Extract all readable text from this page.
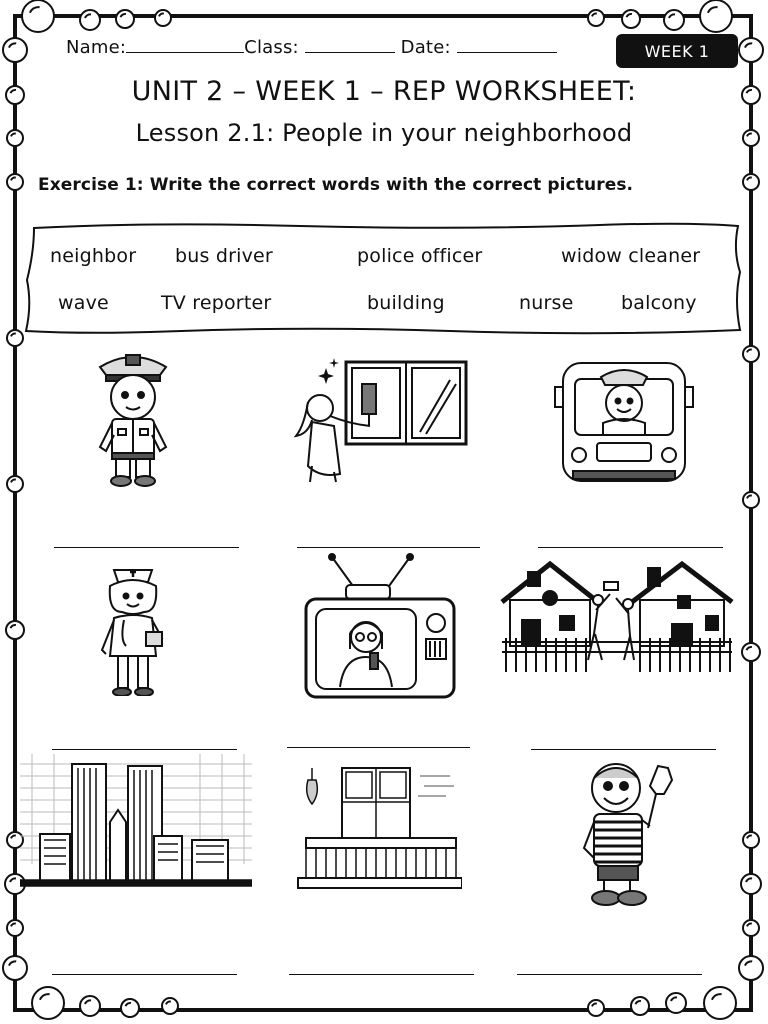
Name:	Class:	Date:	WEEK 1
UNIT 2 – WEEK 1 – REP WORKSHEET:
Lesson 2.1: People in your neighborhood
Exercise 1: Write the correct words with the correct pictures.
neighbor bus driver	police officer	widow cleaner
wave	TV reporter	building	nurse	balcony
